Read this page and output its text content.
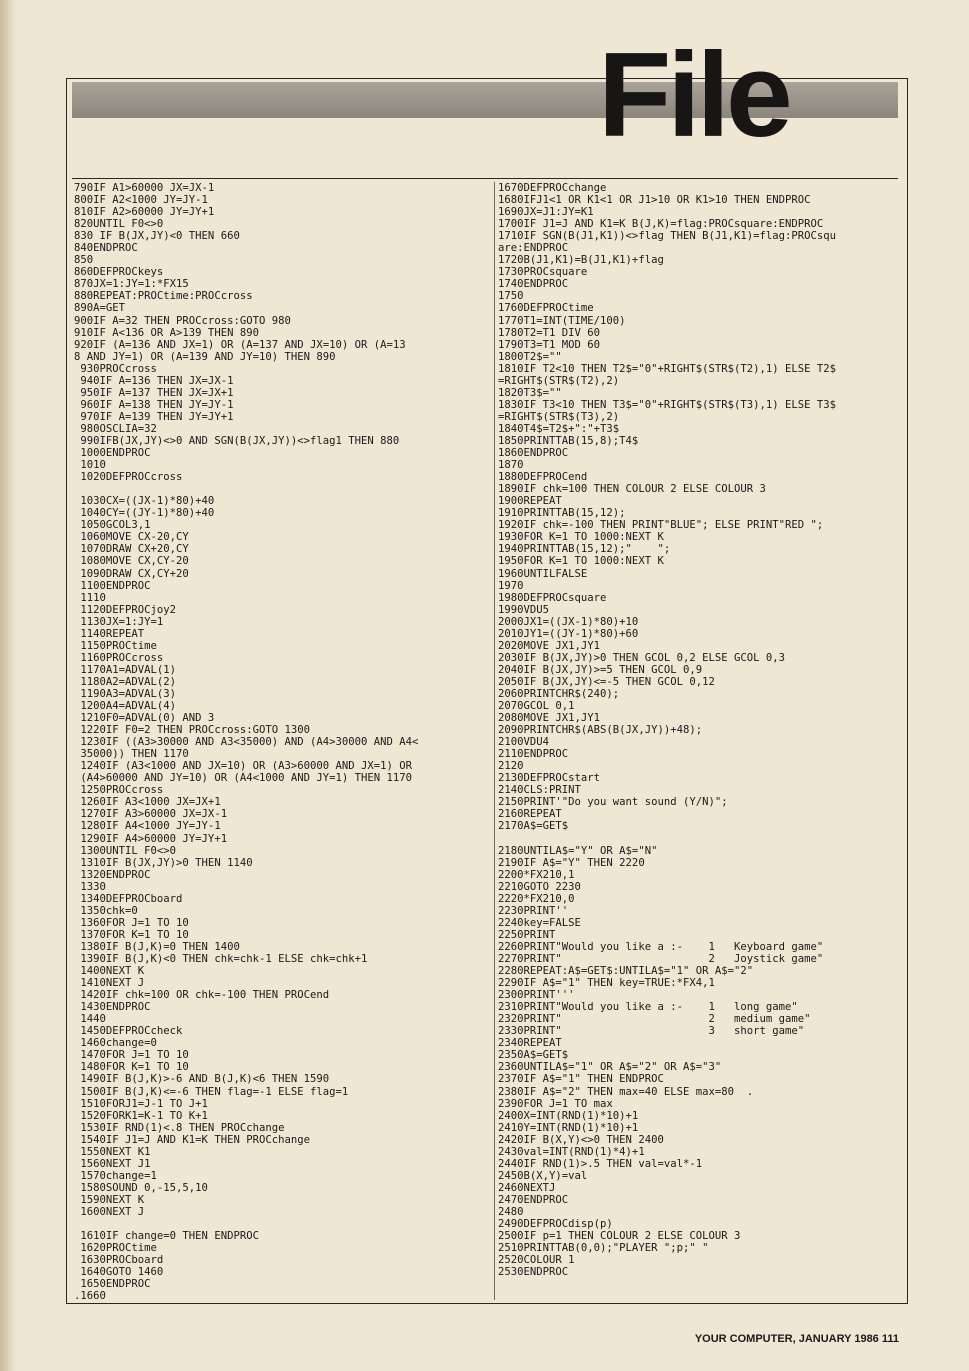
File
790IF A1>60000 JX=JX-1
800IF A2<1000 JY=JY-1
810IF A2>60000 JY=JY+1
820UNTIL F0<>0
830 IF B(JX,JY)<0 THEN 660
840ENDPROC
850
860DEFPROCkeys
870JX=1:JY=1:*FX15
880REPEAT:PROCtime:PROCcross
890A=GET
900IF A=32 THEN PROCcross:GOTO 980
910IF A<136 OR A>139 THEN 890
920IF (A=136 AND JX=1) OR (A=137 AND JX=10) OR (A=13
8 AND JY=1) OR (A=139 AND JY=10) THEN 890
930PROCcross
940IF A=136 THEN JX=JX-1
950IF A=137 THEN JX=JX+1
960IF A=138 THEN JY=JY-1
970IF A=139 THEN JY=JY+1
980OSCLIA=32
990IFB(JX,JY)<>0 AND SGN(B(JX,JY))<>flag1 THEN 880
1000ENDPROC
1010
1020DEFPROCcross
1030CX=((JX-1)*80)+40
1040CY=((JY-1)*80)+40
1050GCOL3,1
1060MOVE CX-20,CY
1070DRAW CX+20,CY
1080MOVE CX,CY-20
1090DRAW CX,CY+20
1100ENDPROC
1110
1120DEFPROCjoy2
1130JX=1:JY=1
1140REPEAT
1150PROCtime
1160PROCcross
1170A1=ADVAL(1)
1180A2=ADVAL(2)
1190A3=ADVAL(3)
1200A4=ADVAL(4)
1210F0=ADVAL(0) AND 3
1220IF F0=2 THEN PROCcross:GOTO 1300
1230IF ((A3>30000 AND A3<35000) AND (A4>30000 AND A4<
35000)) THEN 1170
1240IF (A3<1000 AND JX=10) OR (A3>60000 AND JX=1) OR
(A4>60000 AND JY=10) OR (A4<1000 AND JY=1) THEN 1170
1250PROCcross
1260IF A3<1000 JX=JX+1
1270IF A3>60000 JX=JX-1
1280IF A4<1000 JY=JY-1
1290IF A4>60000 JY=JY+1
1300UNTIL F0<>0
1310IF B(JX,JY)>0 THEN 1140
1320ENDPROC
1330
1340DEFPROCboard
1350chk=0
1360FOR J=1 TO 10
1370FOR K=1 TO 10
1380IF B(J,K)=0 THEN 1400
1390IF B(J,K)<0 THEN chk=chk-1 ELSE chk=chk+1
1400NEXT K
1410NEXT J
1420IF chk=100 OR chk=-100 THEN PROCend
1430ENDPROC
1440
1450DEFPROCcheck
1460change=0
1470FOR J=1 TO 10
1480FOR K=1 TO 10
1490IF B(J,K)>-6 AND B(J,K)<6 THEN 1590
1500IF B(J,K)<=-6 THEN flag=-1 ELSE flag=1
1510FORJ1=J-1 TO J+1
1520FORK1=K-1 TO K+1
1530IF RND(1)<.8 THEN PROCchange
1540IF J1=J AND K1=K THEN PROCchange
1550NEXT K1
1560NEXT J1
1570change=1
1580SOUND 0,-15,5,10
1590NEXT K
1600NEXT J
1610IF change=0 THEN ENDPROC
1620PROCtime
1630PROCboard
1640GOTO 1460
1650ENDPROC
.1660
1670DEFPROCchange
1680IFJ1<1 OR K1<1 OR J1>10 OR K1>10 THEN ENDPROC
1690JX=J1:JY=K1
1700IF J1=J AND K1=K B(J,K)=flag:PROCsquare:ENDPROC
1710IF SGN(B(J1,K1))<>flag THEN B(J1,K1)=flag:PROCsqu
are:ENDPROC
1720B(J1,K1)=B(J1,K1)+flag
1730PROCsquare
1740ENDPROC
1750
1760DEFPROCtime
1770T1=INT(TIME/100)
1780T2=T1 DIV 60
1790T3=T1 MOD 60
1800T2$=""
1810IF T2<10 THEN T2$="0"+RIGHT$(STR$(T2),1) ELSE T2$
=RIGHT$(STR$(T2),2)
1820T3$=""
1830IF T3<10 THEN T3$="0"+RIGHT$(STR$(T3),1) ELSE T3$
=RIGHT$(STR$(T3),2)
1840T4$=T2$+":"+T3$
1850PRINTTAB(15,8);T4$
1860ENDPROC
1870
1880DEFPROCend
1890IF chk=100 THEN COLOUR 2 ELSE COLOUR 3
1900REPEAT
1910PRINTTAB(15,12);
1920IF chk=-100 THEN PRINT"BLUE"; ELSE PRINT"RED ";
1930FOR K=1 TO 1000:NEXT K
1940PRINTTAB(15,12);"    ";
1950FOR K=1 TO 1000:NEXT K
1960UNTILFALSE
1970
1980DEFPROCsquare
1990VDU5
2000JX1=((JX-1)*80)+10
2010JY1=((JY-1)*80)+60
2020MOVE JX1,JY1
2030IF B(JX,JY)>0 THEN GCOL 0,2 ELSE GCOL 0,3
2040IF B(JX,JY)>=5 THEN GCOL 0,9
2050IF B(JX,JY)<=-5 THEN GCOL 0,12
2060PRINTCHR$(240);
2070GCOL 0,1
2080MOVE JX1,JY1
2090PRINTCHR$(ABS(B(JX,JY))+48);
2100VDU4
2110ENDPROC
2120
2130DEFPROCstart
2140CLS:PRINT
2150PRINT'"Do you want sound (Y/N)";
2160REPEAT
2170A$=GET$
2180UNTILA$="Y" OR A$="N"
2190IF A$="Y" THEN 2220
2200*FX210,1
2210GOTO 2230
2220*FX210,0
2230PRINT''
2240key=FALSE
2250PRINT
2260PRINT"Would you like a :-    1   Keyboard game"
2270PRINT"                       2   Joystick game"
2280REPEAT:A$=GET$:UNTILA$="1" OR A$="2"
2290IF A$="1" THEN key=TRUE:*FX4,1
2300PRINT'''
2310PRINT"Would you like a :-    1   long game"
2320PRINT"                       2   medium game"
2330PRINT"                       3   short game"
2340REPEAT
2350A$=GET$
2360UNTILA$="1" OR A$="2" OR A$="3"
2370IF A$="1" THEN ENDPROC
2380IF A$="2" THEN max=40 ELSE max=80  .
2390FOR J=1 TO max
2400X=INT(RND(1)*10)+1
2410Y=INT(RND(1)*10)+1
2420IF B(X,Y)<>0 THEN 2400
2430val=INT(RND(1)*4)+1
2440IF RND(1)>.5 THEN val=val*-1
2450B(X,Y)=val
2460NEXTJ
2470ENDPROC
2480
2490DEFPROCdisp(p)
2500IF p=1 THEN COLOUR 2 ELSE COLOUR 3
2510PRINTTAB(0,0);"PLAYER ";p;" "
2520COLOUR 1
2530ENDPROC
YOUR COMPUTER, JANUARY 1986 111
